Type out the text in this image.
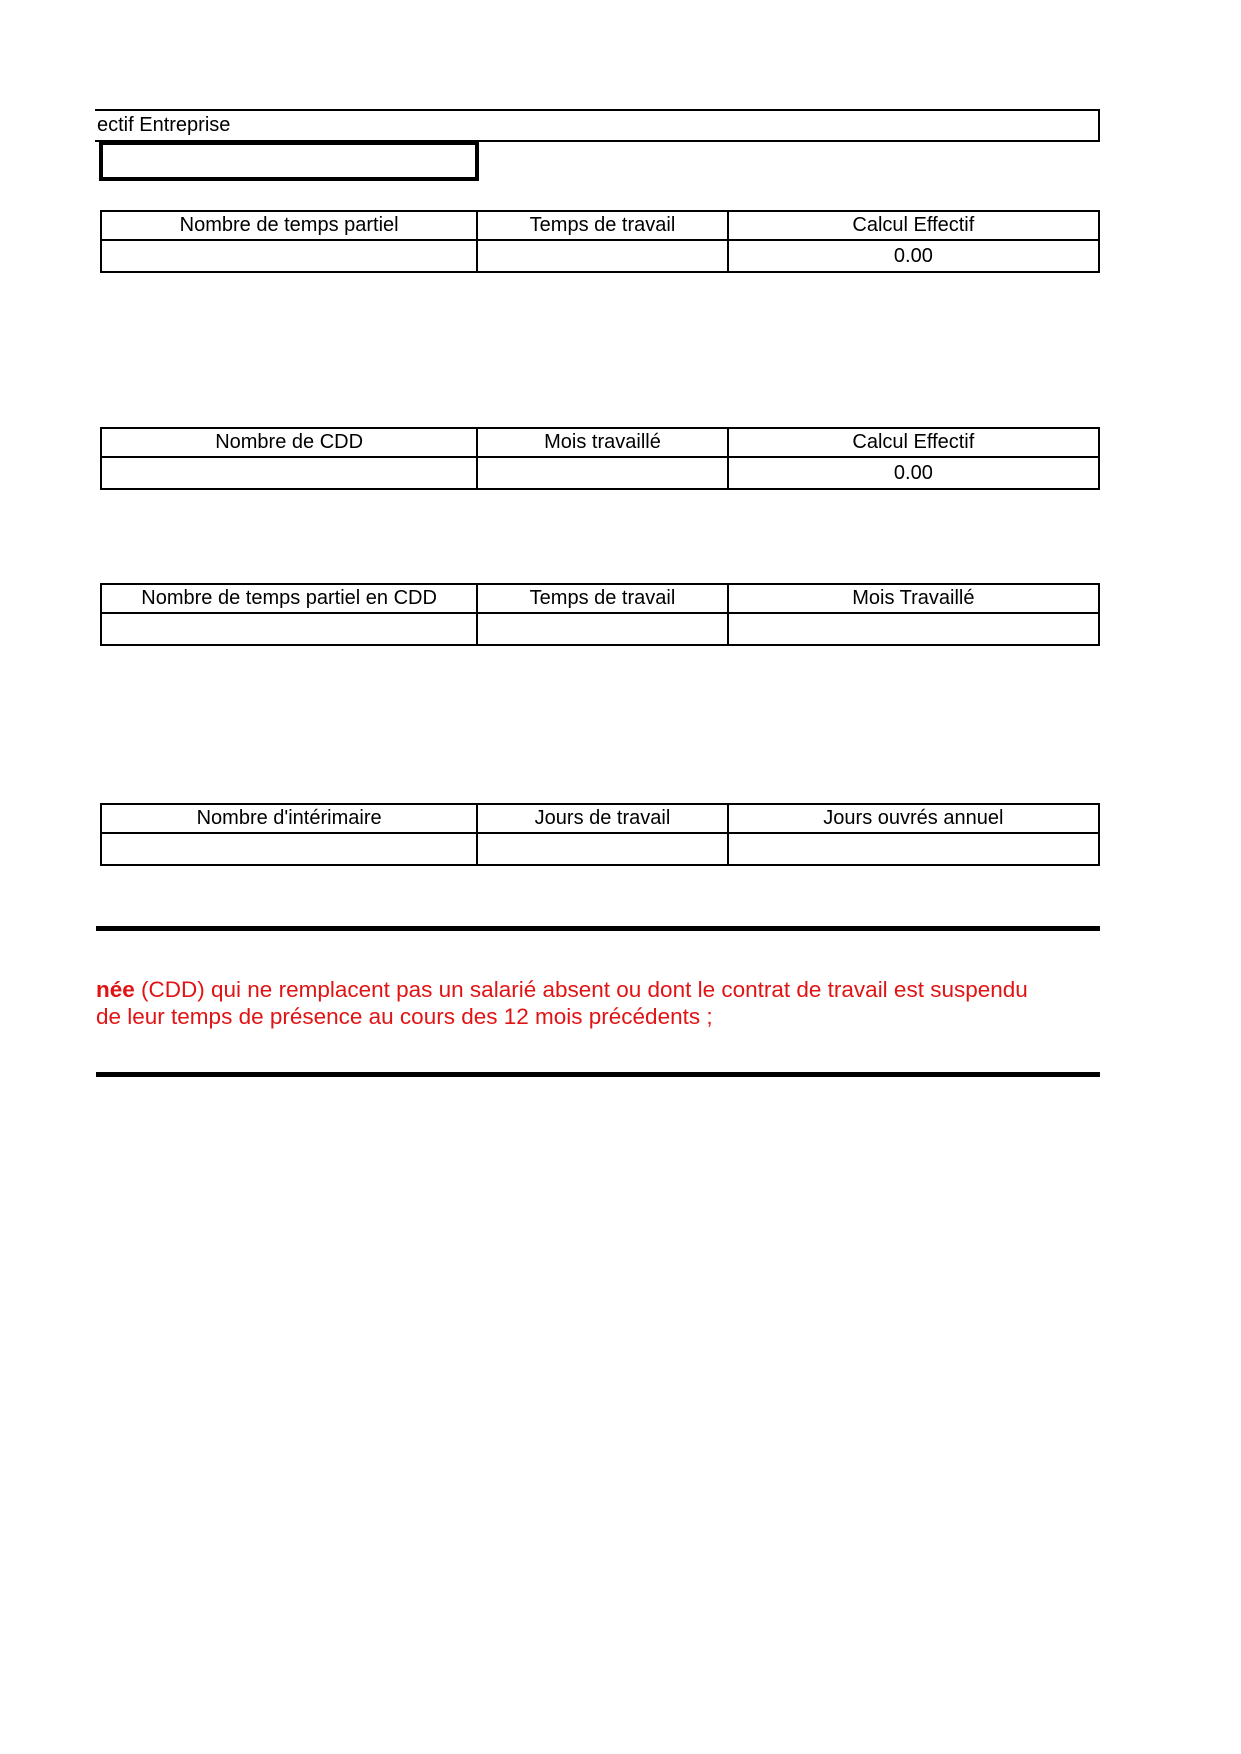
ectif Entreprise
Nombre de temps partiel	Temps de travail	Calcul Effectif
		0.00
Nombre de CDD	Mois travaillé	Calcul Effectif
		0.00
Nombre de temps partiel en CDD	Temps de travail	Mois Travaillé

Nombre d'intérimaire	Jours de travail	Jours ouvrés annuel

née (CDD) qui ne remplacent pas un salarié absent ou dont le contrat de travail est suspendu
de leur temps de présence au cours des 12 mois précédents ;
